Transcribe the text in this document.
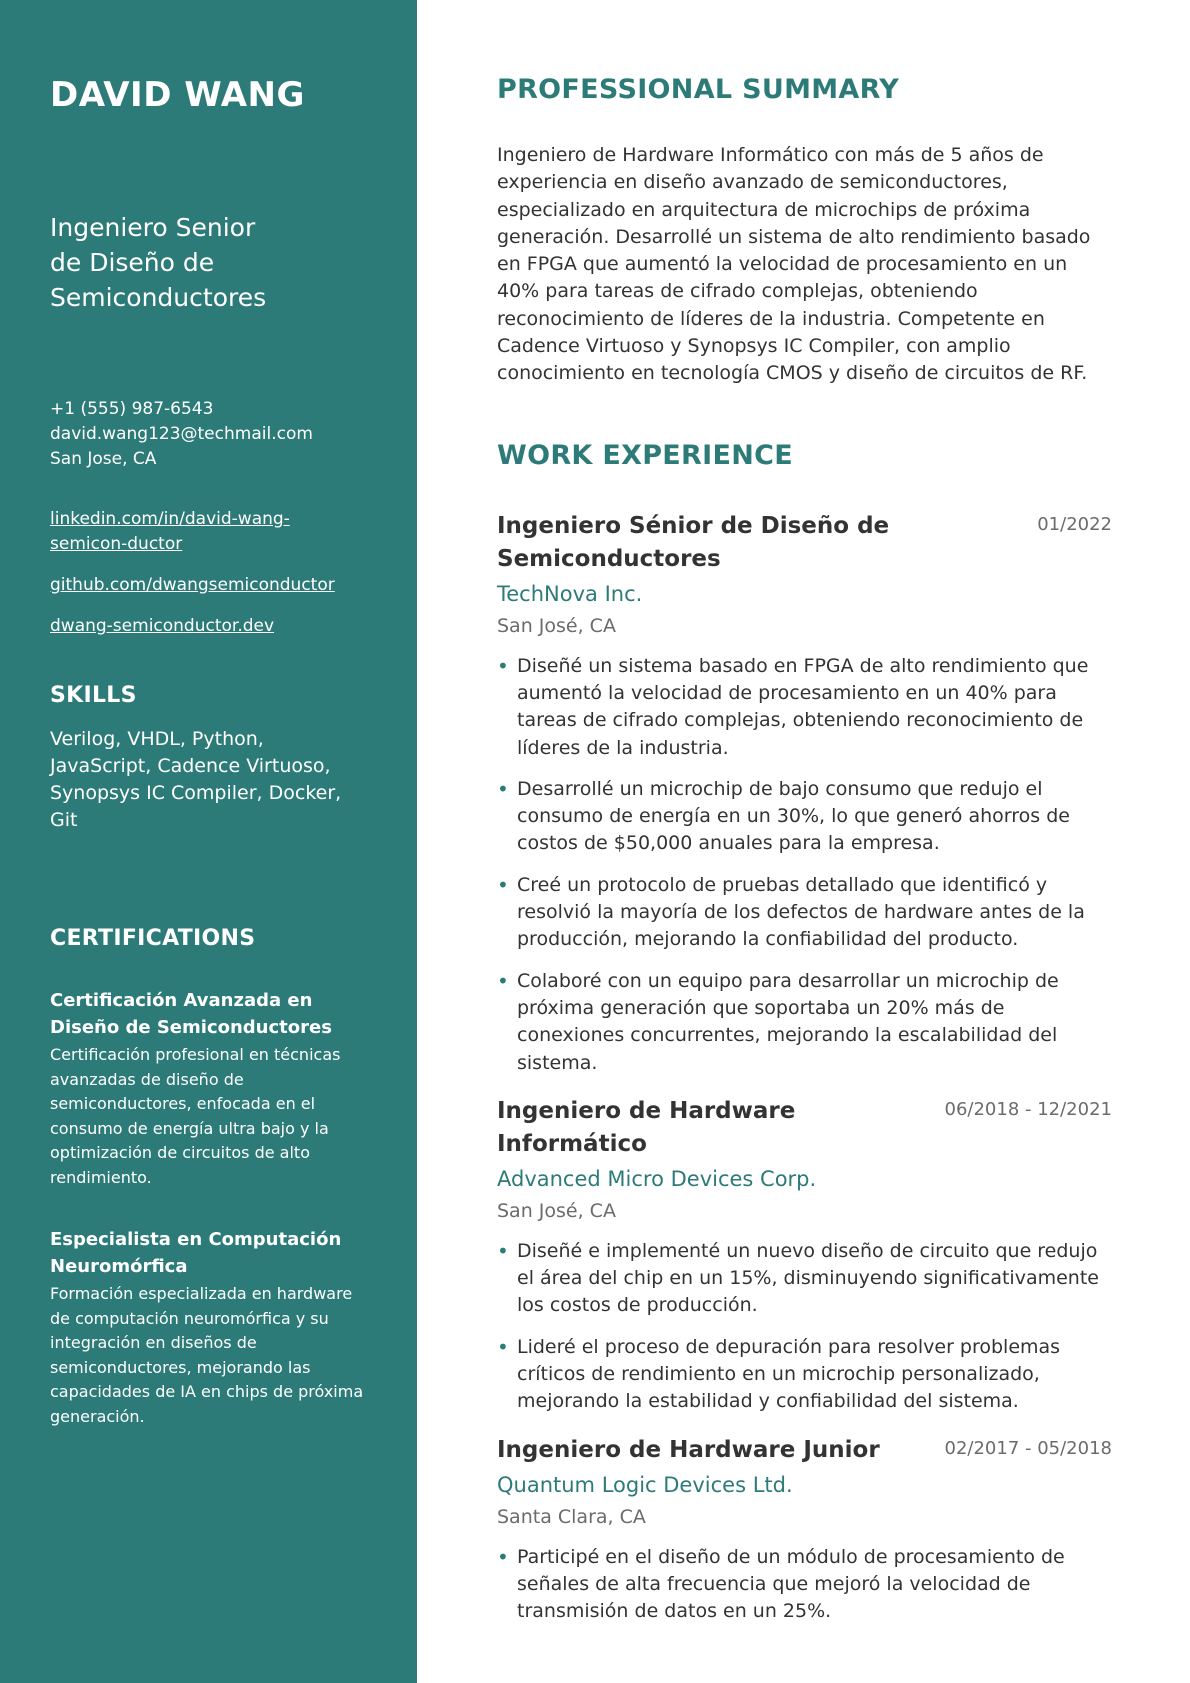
DAVID WANG
Ingeniero Senior de Diseño de Semiconductores
+1 (555) 987-6543
david.wang123@techmail.com
San Jose, CA
linkedin.com/in/david-wang-semicon-ductor
github.com/dwangsemiconductor
dwang-semiconductor.dev
SKILLS
Verilog, VHDL, Python, JavaScript, Cadence Virtuoso, Synopsys IC Compiler, Docker, Git
CERTIFICATIONS
Certificación Avanzada en Diseño de Semiconductores
Certificación profesional en técnicas avanzadas de diseño de semiconductores, enfocada en el consumo de energía ultra bajo y la optimización de circuitos de alto rendimiento.
Especialista en Computación Neuromórfica
Formación especializada en hardware de computación neuromórfica y su integración en diseños de semiconductores, mejorando las capacidades de IA en chips de próxima generación.
PROFESSIONAL SUMMARY

Ingeniero de Hardware Informático con más de 5 años de experiencia en diseño avanzado de semiconductores, especializado en arquitectura de microchips de próxima generación. Desarrollé un sistema de alto rendimiento basado en FPGA que aumentó la velocidad de procesamiento en un 40% para tareas de cifrado complejas, obteniendo reconocimiento de líderes de la industria. Competente en Cadence Virtuoso y Synopsys IC Compiler, con amplio conocimiento en tecnología CMOS y diseño de circuitos de RF.

WORK EXPERIENCE
Ingeniero Sénior de Diseño de Semiconductores
01/2022
TechNova Inc.
San José, CA
• Diseñé un sistema basado en FPGA de alto rendimiento que aumentó la velocidad de procesamiento en un 40% para tareas de cifrado complejas, obteniendo reconocimiento de líderes de la industria.
• Desarrollé un microchip de bajo consumo que redujo el consumo de energía en un 30%, lo que generó ahorros de costos de $50,000 anuales para la empresa.
• Creé un protocolo de pruebas detallado que identificó y resolvió la mayoría de los defectos de hardware antes de la producción, mejorando la confiabilidad del producto.
• Colaboré con un equipo para desarrollar un microchip de próxima generación que soportaba un 20% más de conexiones concurrentes, mejorando la escalabilidad del sistema.
Ingeniero de Hardware Informático
06/2018 - 12/2021
Advanced Micro Devices Corp.
San José, CA
• Diseñé e implementé un nuevo diseño de circuito que redujo el área del chip en un 15%, disminuyendo significativamente los costos de producción.
• Lideré el proceso de depuración para resolver problemas críticos de rendimiento en un microchip personalizado, mejorando la estabilidad y confiabilidad del sistema.
Ingeniero de Hardware Junior	02/2017 - 05/2018
Quantum Logic Devices Ltd.
Santa Clara, CA
• Participé en el diseño de un módulo de procesamiento de señales de alta frecuencia que mejoró la velocidad de transmisión de datos en un 25%.
